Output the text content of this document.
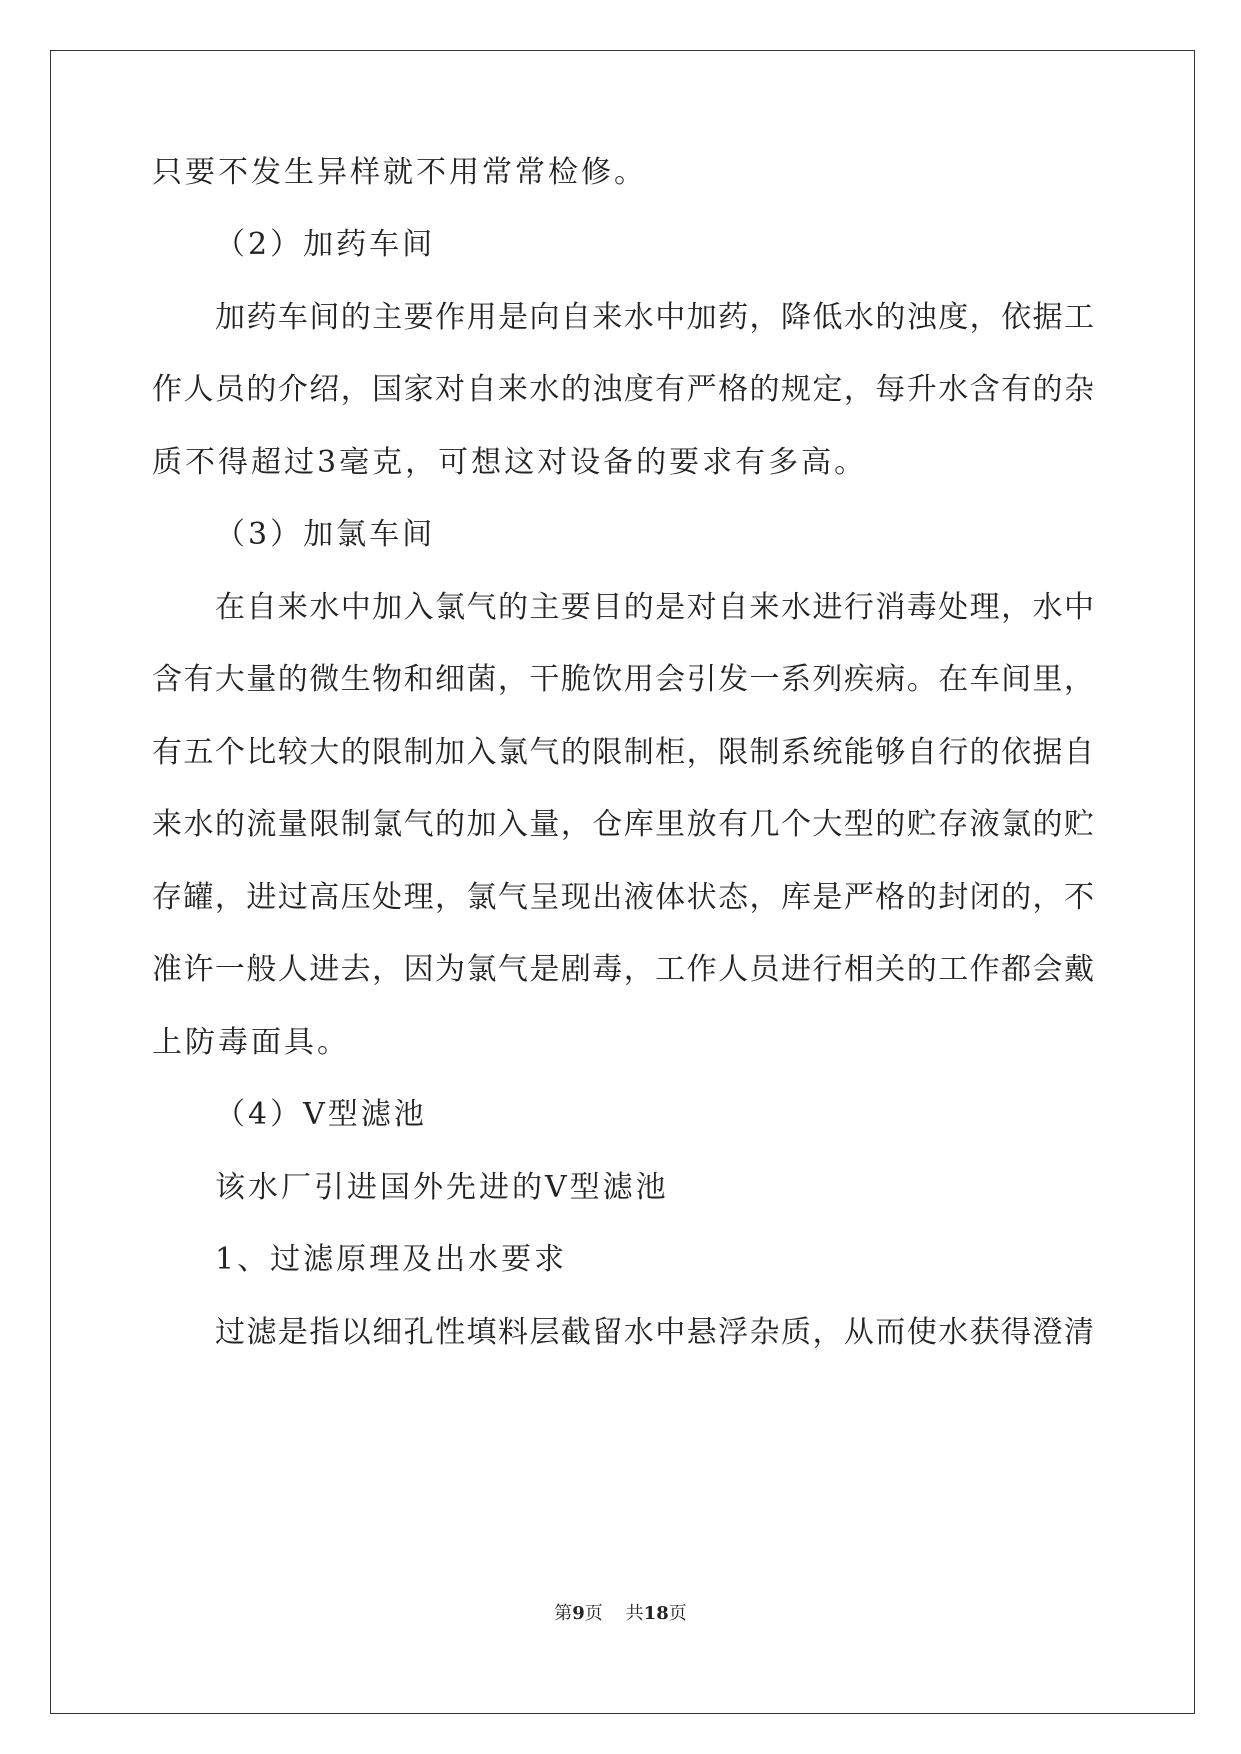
只要不发生异样就不用常常检修。
（2）加药车间
加药车间的主要作用是向自来水中加药，降低水的浊度，依据工
作人员的介绍，国家对自来水的浊度有严格的规定，每升水含有的杂
质不得超过3毫克，可想这对设备的要求有多高。
（3）加氯车间
在自来水中加入氯气的主要目的是对自来水进行消毒处理，水中
含有大量的微生物和细菌，干脆饮用会引发一系列疾病。在车间里，
有五个比较大的限制加入氯气的限制柜，限制系统能够自行的依据自
来水的流量限制氯气的加入量，仓库里放有几个大型的贮存液氯的贮
存罐，进过高压处理，氯气呈现出液体状态，库是严格的封闭的，不
准许一般人进去，因为氯气是剧毒，工作人员进行相关的工作都会戴
上防毒面具。
（4）V型滤池
该水厂引进国外先进的V型滤池
1、过滤原理及出水要求
过滤是指以细孔性填料层截留水中悬浮杂质，从而使水获得澄清
第9页 共18页
